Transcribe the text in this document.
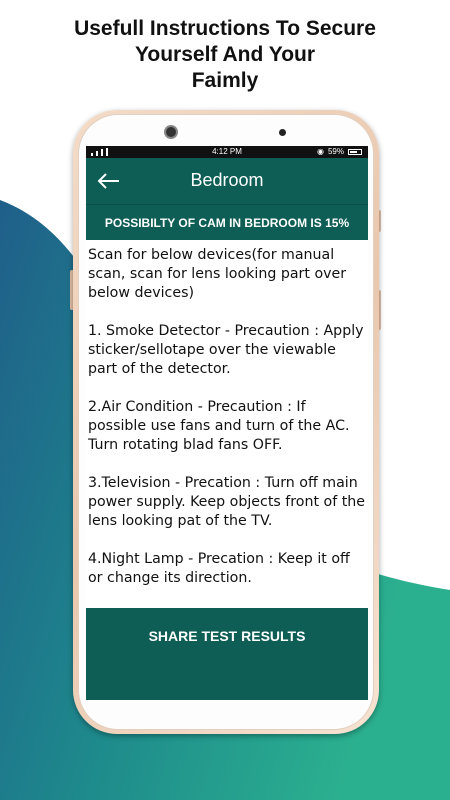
Usefull Instructions To Secure
Yourself And Your
Faimly
4:12 PM	◉ 59%
Bedroom
POSSIBILTY OF CAM IN BEDROOM IS 15%

Scan for below devices(for manual scan, scan for lens looking part over below devices)

1. Smoke Detector - Precaution : Apply sticker/sellotape over the viewable part of the detector.

2.Air Condition - Precaution : If possible use fans and turn of the AC. Turn rotating blad fans OFF.

3.Television - Precation : Turn off main power supply. Keep objects front of the lens looking pat of the TV.

4.Night Lamp - Precation : Keep it off or change its direction.

SHARE TEST RESULTS
